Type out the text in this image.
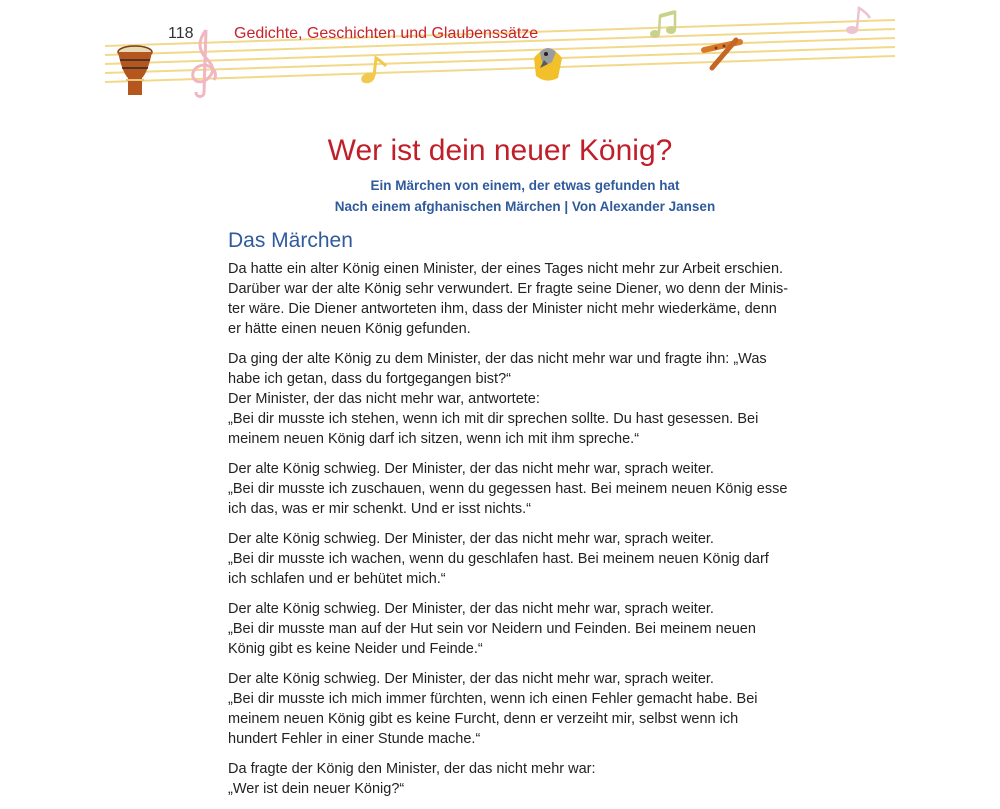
118	Gedichte, Geschichten und Glaubenssätze
Wer ist dein neuer König?
Ein Märchen von einem, der etwas gefunden hat
Nach einem afghanischen Märchen | Von Alexander Jansen
Das Märchen

Da hatte ein alter König einen Minister, der eines Tages nicht mehr zur Arbeit erschien.
Darüber war der alte König sehr verwundert. Er fragte seine Diener, wo denn der Minis-
ter wäre. Die Diener antworteten ihm, dass der Minister nicht mehr wiederkäme, denn
er hätte einen neuen König gefunden.

Da ging der alte König zu dem Minister, der das nicht mehr war und fragte ihn: „Was
habe ich getan, dass du fortgegangen bist?“
Der Minister, der das nicht mehr war, antwortete:
„Bei dir musste ich stehen, wenn ich mit dir sprechen sollte. Du hast gesessen. Bei
meinem neuen König darf ich sitzen, wenn ich mit ihm spreche.“

Der alte König schwieg. Der Minister, der das nicht mehr war, sprach weiter.
„Bei dir musste ich zuschauen, wenn du gegessen hast. Bei meinem neuen König esse
ich das, was er mir schenkt. Und er isst nichts.“

Der alte König schwieg. Der Minister, der das nicht mehr war, sprach weiter.
„Bei dir musste ich wachen, wenn du geschlafen hast. Bei meinem neuen König darf
ich schlafen und er behütet mich.“

Der alte König schwieg. Der Minister, der das nicht mehr war, sprach weiter.
„Bei dir musste man auf der Hut sein vor Neidern und Feinden. Bei meinem neuen
König gibt es keine Neider und Feinde.“

Der alte König schwieg. Der Minister, der das nicht mehr war, sprach weiter.
„Bei dir musste ich mich immer fürchten, wenn ich einen Fehler gemacht habe. Bei
meinem neuen König gibt es keine Furcht, denn er verzeiht mir, selbst wenn ich
hundert Fehler in einer Stunde mache.“

Da fragte der König den Minister, der das nicht mehr war:
„Wer ist dein neuer König?“
